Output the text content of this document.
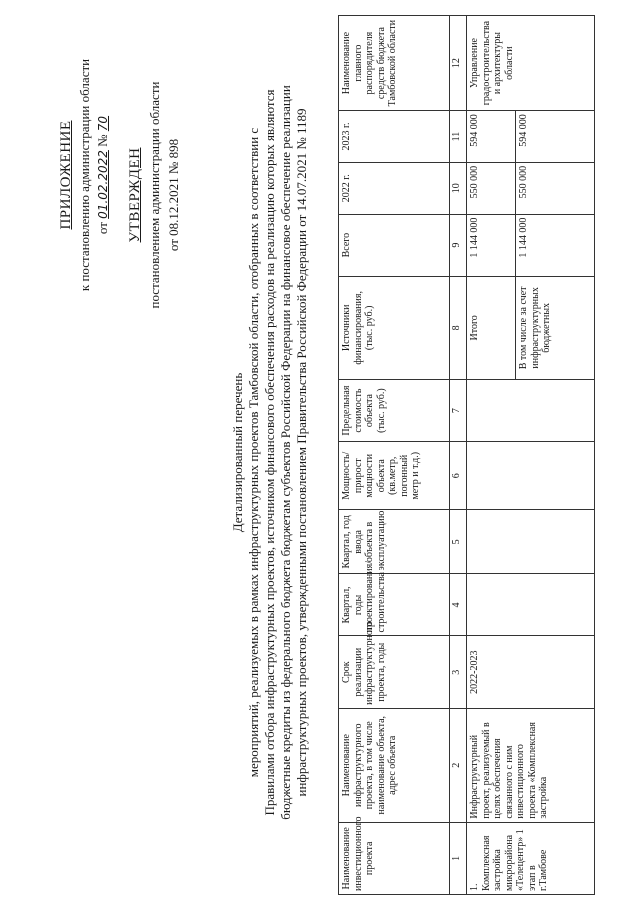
ПРИЛОЖЕНИЕ к постановлению администрации области от 01.02.2022 № 70
УТВЕРЖДЕН постановлением администрации области от 08.12.2021 № 898
Детализированный перечень мероприятий, реализуемых в рамках инфраструктурных проектов Тамбовской области, отобранных в соответствии с Правилами отбора инфраструктурных проектов, источником финансового обеспечения расходов на реализацию которых являются бюджетные кредиты из федерального бюджета бюджетам субъектов Российской Федерации на финансовое обеспечение реализации инфраструктурных проектов, утвержденными постановлением Правительства Российской Федерации от 14.07.2021 № 1189
Наименование инвестиционного проекта	Наименование инфраструктурного проекта, в том числе наименование объекта, адрес объекта	Срок реализации инфраструктурного проекта, годы	Квартал, годы проектирования/строительства	Квартал, год ввода объекта в эксплуатацию	Мощность/ прирост мощности объекта (кв.метр, погонный метр и т.д.)	Предельная стоимость объекта (тыс. руб.)	Источники финансирования, (тыс. руб.)	Всего	2022 г.	2023 г.	Наименование главного распорядителя средств бюджета Тамбовской области
1	2	3	4	5	6	7	8	9	10	11	12
1. Комплексная застройка микрорайона «Телецентр» 1 этап в г.Тамбове	Инфраструктурный проект, реализуемый в целях обеспечения связанного с ним инвестиционного проекта «Комплексная застройка	2022-2023					Итого	1 144 000	550 000	594 000	Управление градостроительства и архитектуры области
							В том числе за счет инфраструктурных бюджетных	1 144 000	550 000	594 000	
